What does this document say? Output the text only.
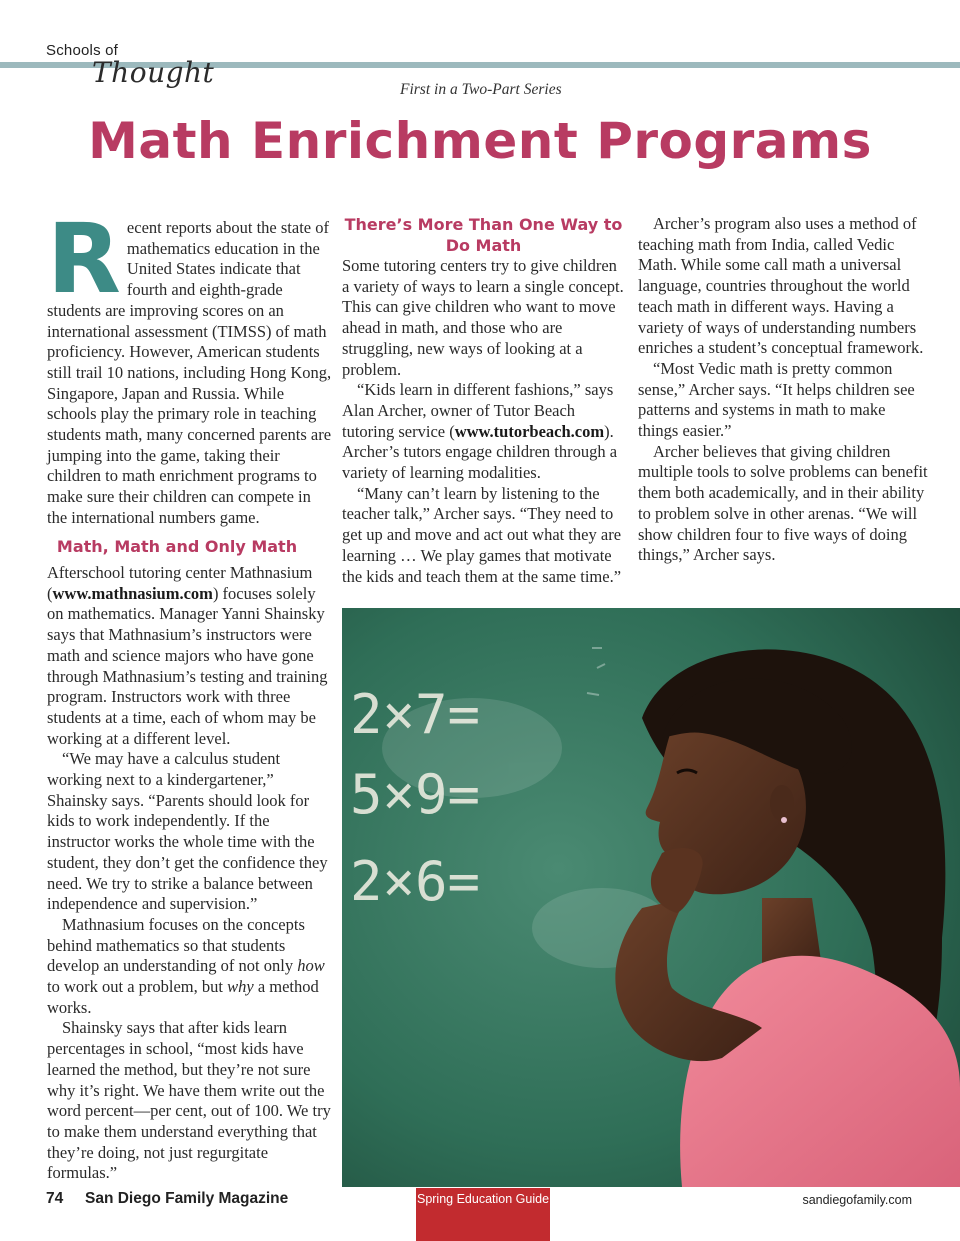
Schools of
Thought
First in a Two-Part Series
Math Enrichment Programs
R ecent reports about the state of mathematics education in the United States indicate that fourth and eighth-grade students are improving scores on an international assessment (TIMSS) of math proficiency. However, American students still trail 10 nations, including Hong Kong, Singapore, Japan and Russia. While schools play the primary role in teaching students math, many concerned parents are jumping into the game, taking their children to math enrichment programs to make sure their children can compete in the international numbers game.

Math, Math and Only Math

Afterschool tutoring center Mathnasium (www.mathnasium.com) focuses solely on mathematics. Manager Yanni Shainsky says that Mathnasium’s instructors were math and science majors who have gone through Mathnasium’s testing and training program. Instructors work with three students at a time, each of whom may be working at a different level.

“We may have a calculus student working next to a kindergartener,” Shainsky says. “Parents should look for kids to work independently. If the instructor works the whole time with the student, they don’t get the confidence they need. We try to strike a balance between independence and supervision.”

Mathnasium focuses on the concepts behind mathematics so that students develop an understanding of not only how to work out a problem, but why a method works.

Shainsky says that after kids learn percentages in school, “most kids have learned the method, but they’re not sure why it’s right. We have them write out the word percent—per cent, out of 100. We try to make them understand everything that they’re doing, not just regurgitate formulas.”

There’s More Than One Way to Do Math

Some tutoring centers try to give children a variety of ways to learn a single concept. This can give children who want to move ahead in math, and those who are struggling, new ways of looking at a problem.

“Kids learn in different fashions,” says Alan Archer, owner of Tutor Beach tutoring service (www.tutorbeach.com). Archer’s tutors engage children through a variety of learning modalities.

“Many can’t learn by listening to the teacher talk,” Archer says. “They need to get up and move and act out what they are learning … We play games that motivate the kids and teach them at the same time.”

Archer’s program also uses a method of teaching math from India, called Vedic Math. While some call math a universal language, countries throughout the world teach math in different ways. Having a variety of ways of understanding numbers enriches a student’s conceptual framework.

“Most Vedic math is pretty common sense,” Archer says. “It helps children see patterns and systems in math to make things easier.”

Archer believes that giving children multiple tools to solve problems can benefit them both academically, and in their ability to problem solve in other arenas. “We will show children four to five ways of doing things,” Archer says.

2×7=
5×9=
2×6=
74 San Diego Family Magazine	Spring Education Guide	sandiegofamily.com
